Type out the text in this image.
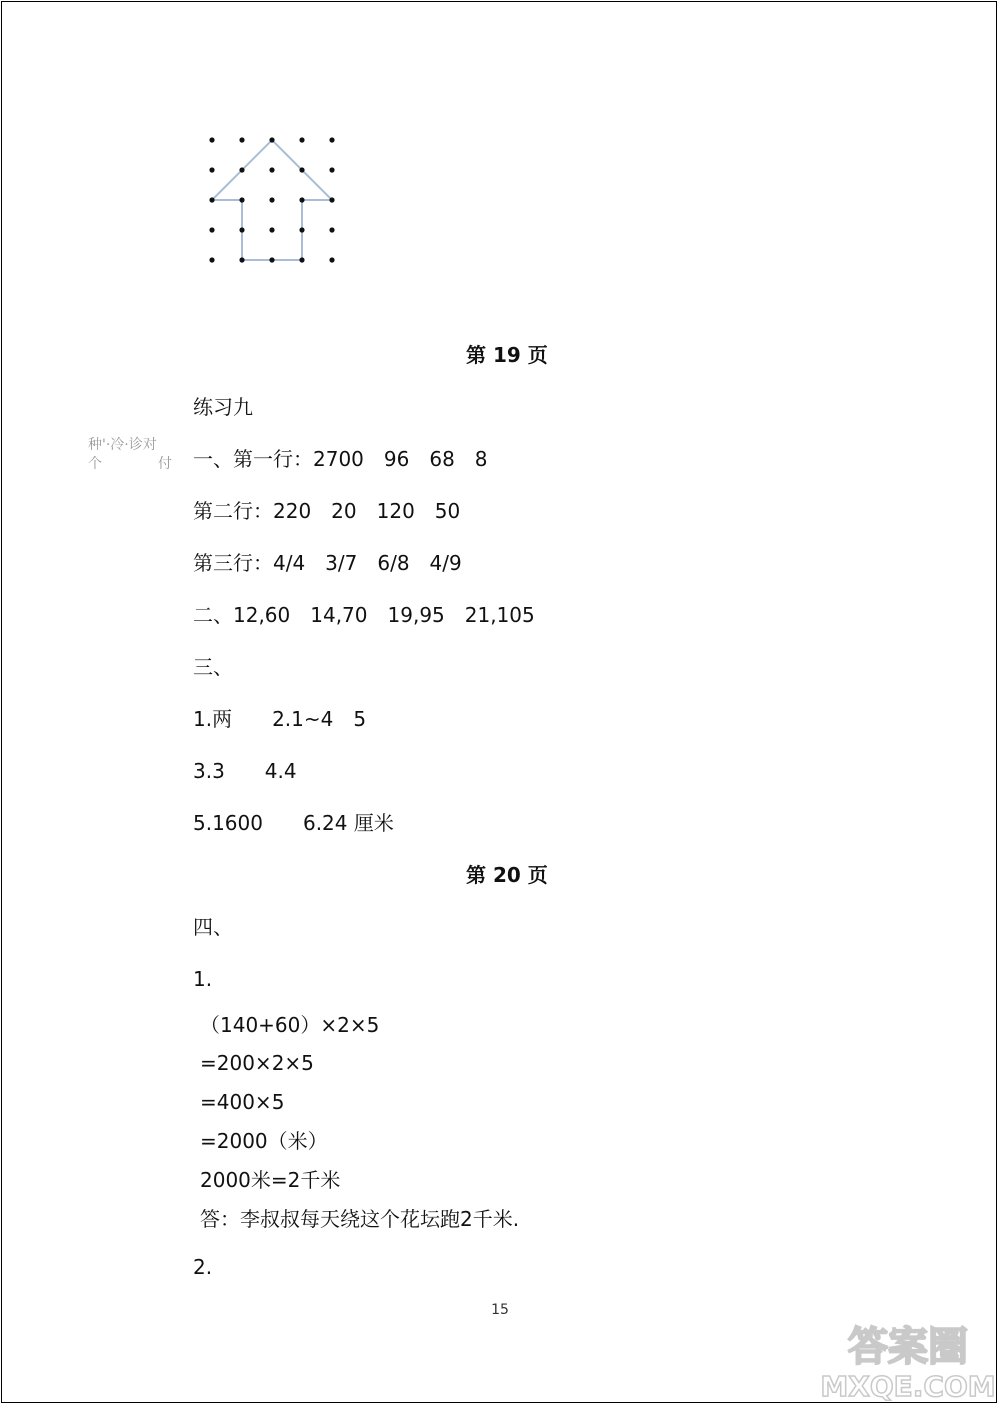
第 19 页
练习九
种'·冷·诊对
个　　　　付 一、第一行：2700　96　68　8
第二行：220　20　120　50
第三行：4/4　3/7　6/8　4/9
二、12,60　14,70　19,95　21,105
三、
1.两　　2.1~4　5
3.3　　4.4
5.1600　　6.24 厘米
第 20 页
四、
1.
（140+60）×2×5
=200×2×5
=400×5
=2000（米）
2000米=2千米
答：李叔叔每天绕这个花坛跑2千米.
2.
15
答案圈
MXQE.COM
